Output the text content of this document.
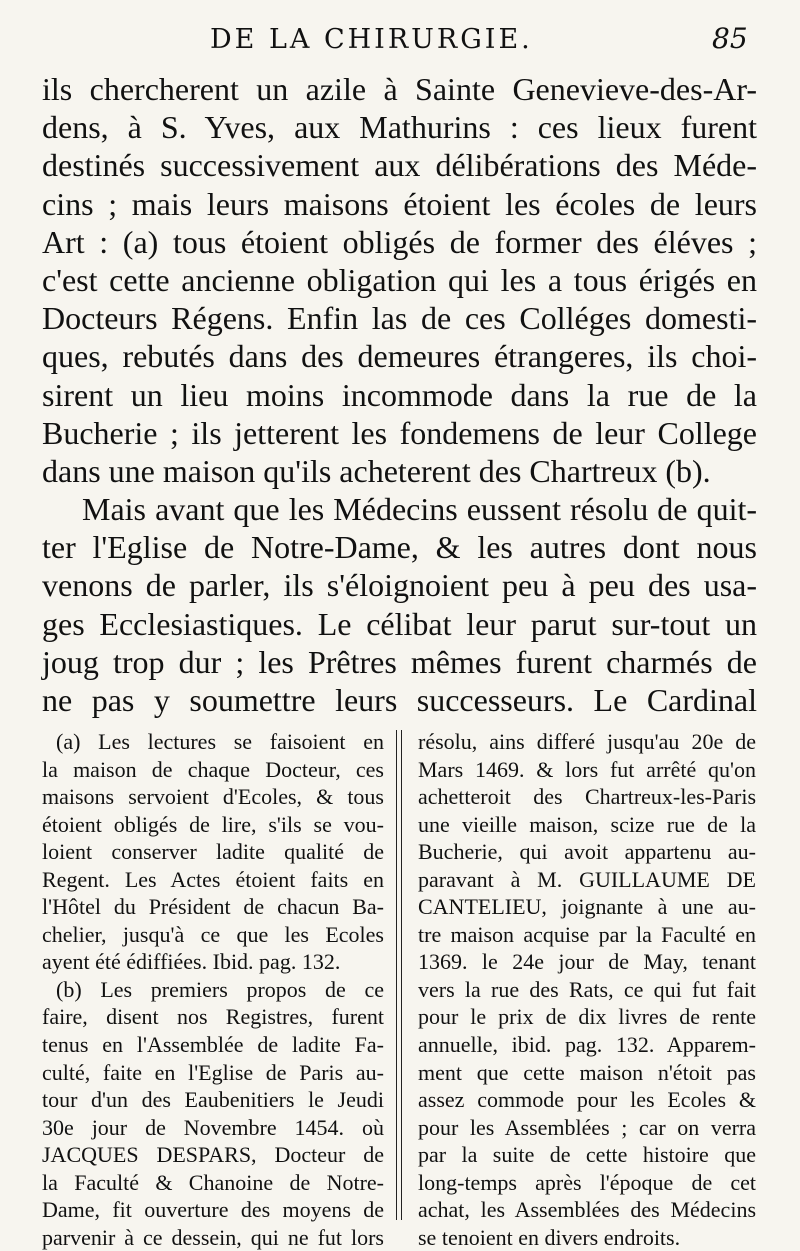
DE LA CHIRURGIE.	85
ils chercherent un azile à Sainte Genevieve-des-Ar-
dens, à S. Yves, aux Mathurins : ces lieux furent
destinés successivement aux délibérations des Méde-
cins ; mais leurs maisons étoient les écoles de leurs
Art : (a) tous étoient obligés de former des éléves ;
c'est cette ancienne obligation qui les a tous érigés en
Docteurs Régens. Enfin las de ces Colléges domesti-
ques, rebutés dans des demeures étrangeres, ils choi-
sirent un lieu moins incommode dans la rue de la
Bucherie ; ils jetterent les fondemens de leur College
dans une maison qu'ils acheterent des Chartreux (b).
Mais avant que les Médecins eussent résolu de quit-
ter l'Eglise de Notre-Dame, & les autres dont nous
venons de parler, ils s'éloignoient peu à peu des usa-
ges Ecclesiastiques. Le célibat leur parut sur-tout un
joug trop dur ; les Prêtres mêmes furent charmés de
ne pas y soumettre leurs successeurs. Le Cardinal
(a) Les lectures se faisoient en
la maison de chaque Docteur, ces
maisons servoient d'Ecoles, & tous
étoient obligés de lire, s'ils se vou-
loient conserver ladite qualité de
Regent. Les Actes étoient faits en
l'Hôtel du Président de chacun Ba-
chelier, jusqu'à ce que les Ecoles
ayent été édiffiées. Ibid. pag. 132.
(b) Les premiers propos de ce
faire, disent nos Registres, furent
tenus en l'Assemblée de ladite Fa-
culté, faite en l'Eglise de Paris au-
tour d'un des Eaubenitiers le Jeudi
30e jour de Novembre 1454. où
JACQUES DESPARS, Docteur de
la Faculté & Chanoine de Notre-
Dame, fit ouverture des moyens de
parvenir à ce dessein, qui ne fut lors
résolu, ains differé jusqu'au 20e de
Mars 1469. & lors fut arrêté qu'on
achetteroit des Chartreux-les-Paris
une vieille maison, scize rue de la
Bucherie, qui avoit appartenu au-
paravant à M. GUILLAUME DE
CANTELIEU, joignante à une au-
tre maison acquise par la Faculté en
1369. le 24e jour de May, tenant
vers la rue des Rats, ce qui fut fait
pour le prix de dix livres de rente
annuelle, ibid. pag. 132. Apparem-
ment que cette maison n'étoit pas
assez commode pour les Ecoles &
pour les Assemblées ; car on verra
par la suite de cette histoire que
long-temps après l'époque de cet
achat, les Assemblées des Médecins
se tenoient en divers endroits.
